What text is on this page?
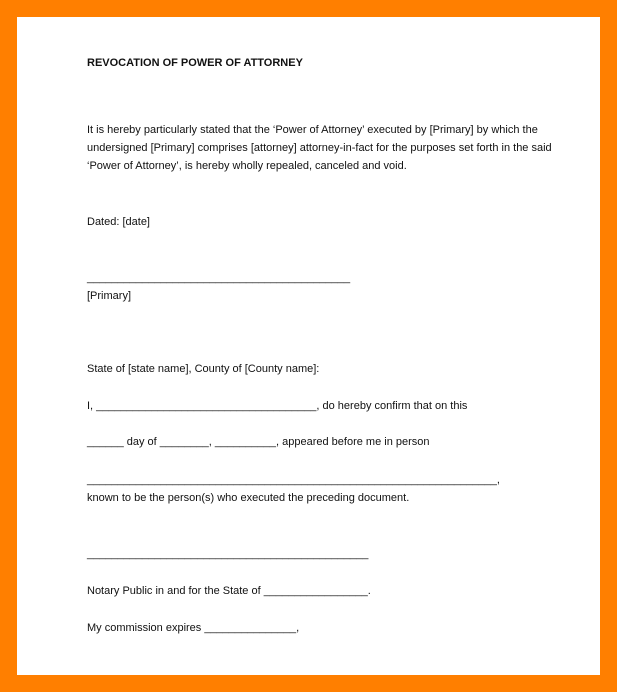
REVOCATION OF POWER OF ATTORNEY
It is hereby particularly stated that the ‘Power of Attorney’ executed by [Primary] by which the
undersigned [Primary] comprises [attorney] attorney-in-fact for the purposes set forth in the said
‘Power of Attorney’, is hereby wholly repealed, canceled and void.
Dated: [date]
___________________________________________
[Primary]
State of [state name], County of [County name]:
I, ____________________________________, do hereby confirm that on this
______ day of ________, __________, appeared before me in person
___________________________________________________________________,
known to be the person(s) who executed the preceding document.
______________________________________________
Notary Public in and for the State of _________________.
My commission expires _______________,
